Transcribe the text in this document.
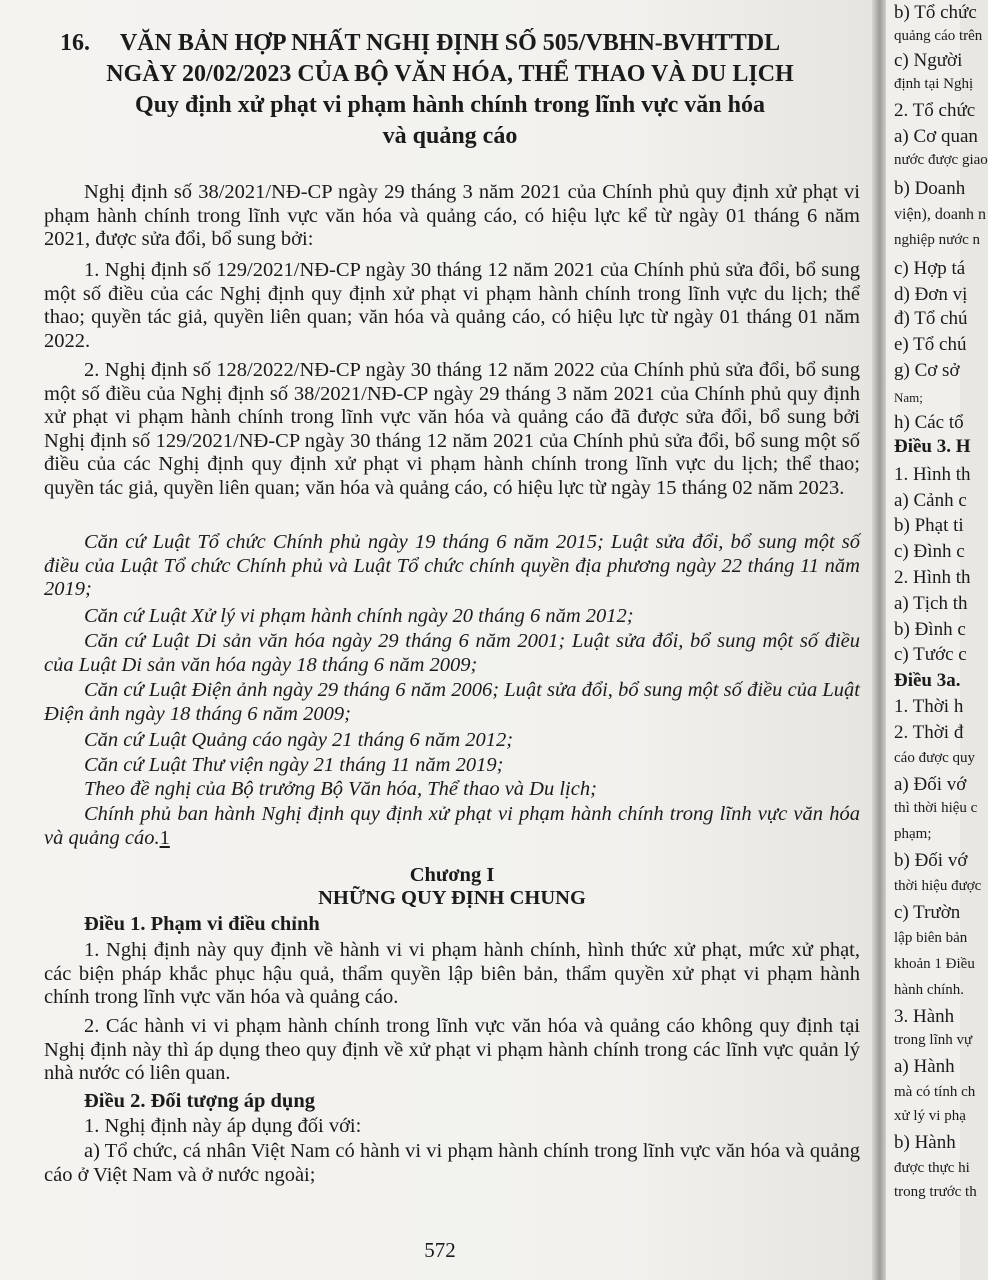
16. VĂN BẢN HỢP NHẤT NGHỊ ĐỊNH SỐ 505/VBHN-BVHTTDL
NGÀY 20/02/2023 CỦA BỘ VĂN HÓA, THỂ THAO VÀ DU LỊCH
Quy định xử phạt vi phạm hành chính trong lĩnh vực văn hóa
và quảng cáo
Nghị định số 38/2021/NĐ-CP ngày 29 tháng 3 năm 2021 của Chính phủ quy định xử phạt vi phạm hành chính trong lĩnh vực văn hóa và quảng cáo, có hiệu lực kể từ ngày 01 tháng 6 năm 2021, được sửa đổi, bổ sung bởi:
1. Nghị định số 129/2021/NĐ-CP ngày 30 tháng 12 năm 2021 của Chính phủ sửa đổi, bổ sung một số điều của các Nghị định quy định xử phạt vi phạm hành chính trong lĩnh vực du lịch; thể thao; quyền tác giả, quyền liên quan; văn hóa và quảng cáo, có hiệu lực từ ngày 01 tháng 01 năm 2022.
2. Nghị định số 128/2022/NĐ-CP ngày 30 tháng 12 năm 2022 của Chính phủ sửa đổi, bổ sung một số điều của Nghị định số 38/2021/NĐ-CP ngày 29 tháng 3 năm 2021 của Chính phủ quy định xử phạt vi phạm hành chính trong lĩnh vực văn hóa và quảng cáo đã được sửa đổi, bổ sung bởi Nghị định số 129/2021/NĐ-CP ngày 30 tháng 12 năm 2021 của Chính phủ sửa đổi, bổ sung một số điều của các Nghị định quy định xử phạt vi phạm hành chính trong lĩnh vực du lịch; thể thao; quyền tác giả, quyền liên quan; văn hóa và quảng cáo, có hiệu lực từ ngày 15 tháng 02 năm 2023.
Căn cứ Luật Tổ chức Chính phủ ngày 19 tháng 6 năm 2015; Luật sửa đổi, bổ sung một số điều của Luật Tổ chức Chính phủ và Luật Tổ chức chính quyền địa phương ngày 22 tháng 11 năm 2019;
Căn cứ Luật Xử lý vi phạm hành chính ngày 20 tháng 6 năm 2012;
Căn cứ Luật Di sản văn hóa ngày 29 tháng 6 năm 2001; Luật sửa đổi, bổ sung một số điều của Luật Di sản văn hóa ngày 18 tháng 6 năm 2009;
Căn cứ Luật Điện ảnh ngày 29 tháng 6 năm 2006; Luật sửa đổi, bổ sung một số điều của Luật Điện ảnh ngày 18 tháng 6 năm 2009;
Căn cứ Luật Quảng cáo ngày 21 tháng 6 năm 2012;
Căn cứ Luật Thư viện ngày 21 tháng 11 năm 2019;
Theo đề nghị của Bộ trưởng Bộ Văn hóa, Thể thao và Du lịch;
Chính phủ ban hành Nghị định quy định xử phạt vi phạm hành chính trong lĩnh vực văn hóa và quảng cáo.1
Chương I
NHỮNG QUY ĐỊNH CHUNG
Điều 1. Phạm vi điều chỉnh
1. Nghị định này quy định về hành vi vi phạm hành chính, hình thức xử phạt, mức xử phạt, các biện pháp khắc phục hậu quả, thẩm quyền lập biên bản, thẩm quyền xử phạt vi phạm hành chính trong lĩnh vực văn hóa và quảng cáo.
2. Các hành vi vi phạm hành chính trong lĩnh vực văn hóa và quảng cáo không quy định tại Nghị định này thì áp dụng theo quy định về xử phạt vi phạm hành chính trong các lĩnh vực quản lý nhà nước có liên quan.
Điều 2. Đối tượng áp dụng
1. Nghị định này áp dụng đối với:
a) Tổ chức, cá nhân Việt Nam có hành vi vi phạm hành chính trong lĩnh vực văn hóa và quảng cáo ở Việt Nam và ở nước ngoài;
572
b) Tổ chức
quảng cáo trên
c) Người
định tại Nghị
2. Tổ chức
a) Cơ quan
nước được giao
b) Doanh
viện), doanh n
nghiệp nước n
c) Hợp tá
d) Đơn vị
đ) Tổ chú
e) Tổ chú
g) Cơ sở
Nam;
h) Các tổ
Điều 3. H
1. Hình th
a) Cảnh c
b) Phạt ti
c) Đình c
2. Hình th
a) Tịch th
b) Đình c
c) Tước c
Điều 3a.
1. Thời h
2. Thời đ
cáo được quy
a) Đối vớ
thì thời hiệu c
phạm;
b) Đối vớ
thời hiệu được
c) Trườn
lập biên bản
khoản 1 Điều
hành chính.
3. Hành
trong lĩnh vự
a) Hành
mà có tính ch
xử lý vi phạ
b) Hành
được thực hi
trong trước th
